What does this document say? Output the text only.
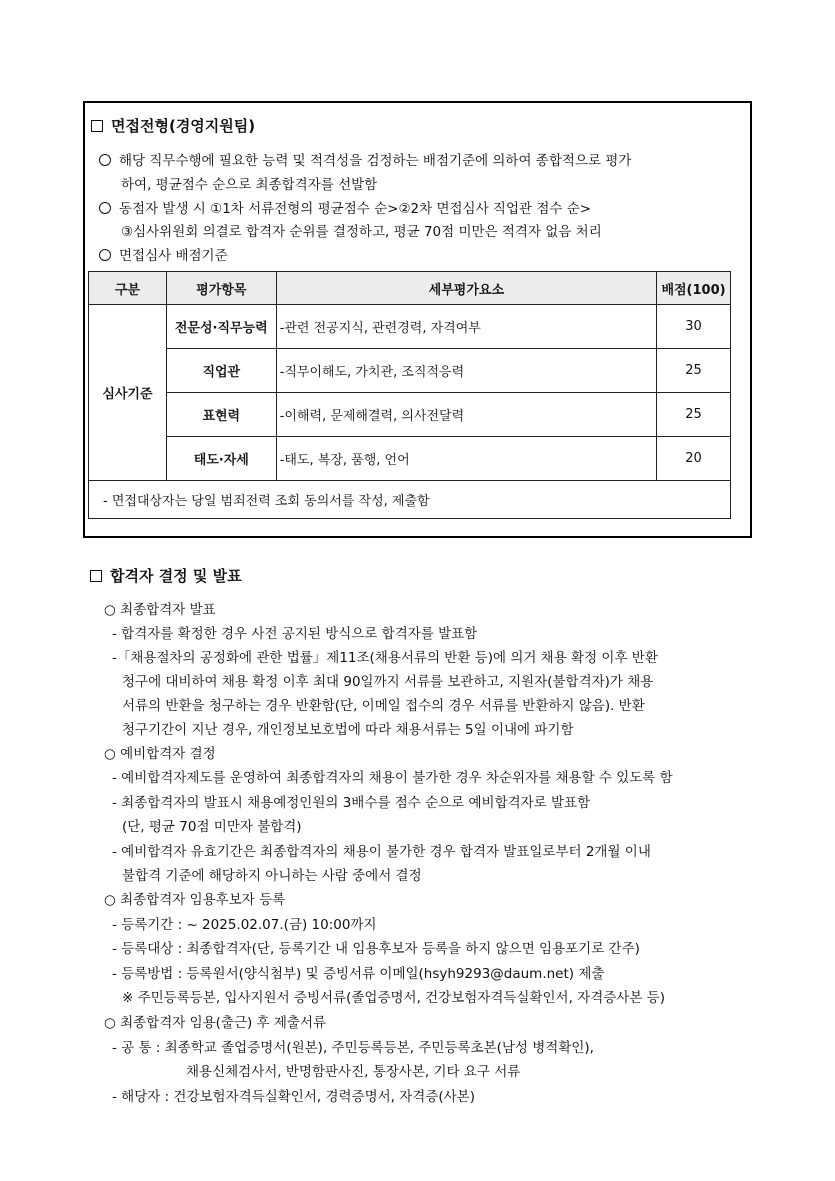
면접전형(경영지원팀)
해당 직무수행에 필요한 능력 및 적격성을 검정하는 배점기준에 의하여 종합적으로 평가
하여, 평균점수 순으로 최종합격자를 선발함
동점자 발생 시 ①1차 서류전형의 평균점수 순>②2차 면접심사 직업관 점수 순>
③심사위원회 의결로 합격자 순위를 결정하고, 평균 70점 미만은 적격자 없음 처리
면접심사 배점기준
구분	평가항목	세부평가요소	배점(100)
심사기준	전문성·직무능력	-관련 전공지식, 관련경력, 자격여부	30
	직업관	-직무이해도, 가치관, 조직적응력	25
	표현력	-이해력, 문제해결력, 의사전달력	25
	태도·자세	-태도, 복장, 품행, 언어	20
- 면접대상자는 당일 범죄전력 조회 동의서를 작성, 제출함			
합격자 결정 및 발표
○ 최종합격자 발표
- 합격자를 확정한 경우 사전 공지된 방식으로 합격자를 발표함
-「채용절차의 공정화에 관한 법률」제11조(채용서류의 반환 등)에 의거 채용 확정 이후 반환
청구에 대비하여 채용 확정 이후 최대 90일까지 서류를 보관하고, 지원자(불합격자)가 채용
서류의 반환을 청구하는 경우 반환함(단, 이메일 접수의 경우 서류를 반환하지 않음). 반환
청구기간이 지난 경우, 개인정보보호법에 따라 채용서류는 5일 이내에 파기함
○ 예비합격자 결정
- 예비합격자제도를 운영하여 최종합격자의 채용이 불가한 경우 차순위자를 채용할 수 있도록 함
- 최종합격자의 발표시 채용예정인원의 3배수를 점수 순으로 예비합격자로 발표함
(단, 평균 70점 미만자 불합격)
- 예비합격자 유효기간은 최종합격자의 채용이 불가한 경우 합격자 발표일로부터 2개월 이내
불합격 기준에 해당하지 아니하는 사람 중에서 결정
○ 최종합격자 임용후보자 등록
- 등록기간 : ~ 2025.02.07.(금) 10:00까지
- 등록대상 : 최종합격자(단, 등록기간 내 임용후보자 등록을 하지 않으면 임용포기로 간주)
- 등록방법 : 등록원서(양식첨부) 및 증빙서류 이메일(hsyh9293@daum.net) 제출
※ 주민등록등본, 입사지원서 증빙서류(졸업증명서, 건강보험자격득실확인서, 자격증사본 등)
○ 최종합격자 임용(출근) 후 제출서류
- 공 통 : 최종학교 졸업증명서(원본), 주민등록등본, 주민등록초본(남성 병적확인),
채용신체검사서, 반명함판사진, 통장사본, 기타 요구 서류
- 해당자 : 건강보험자격득실확인서, 경력증명서, 자격증(사본)
